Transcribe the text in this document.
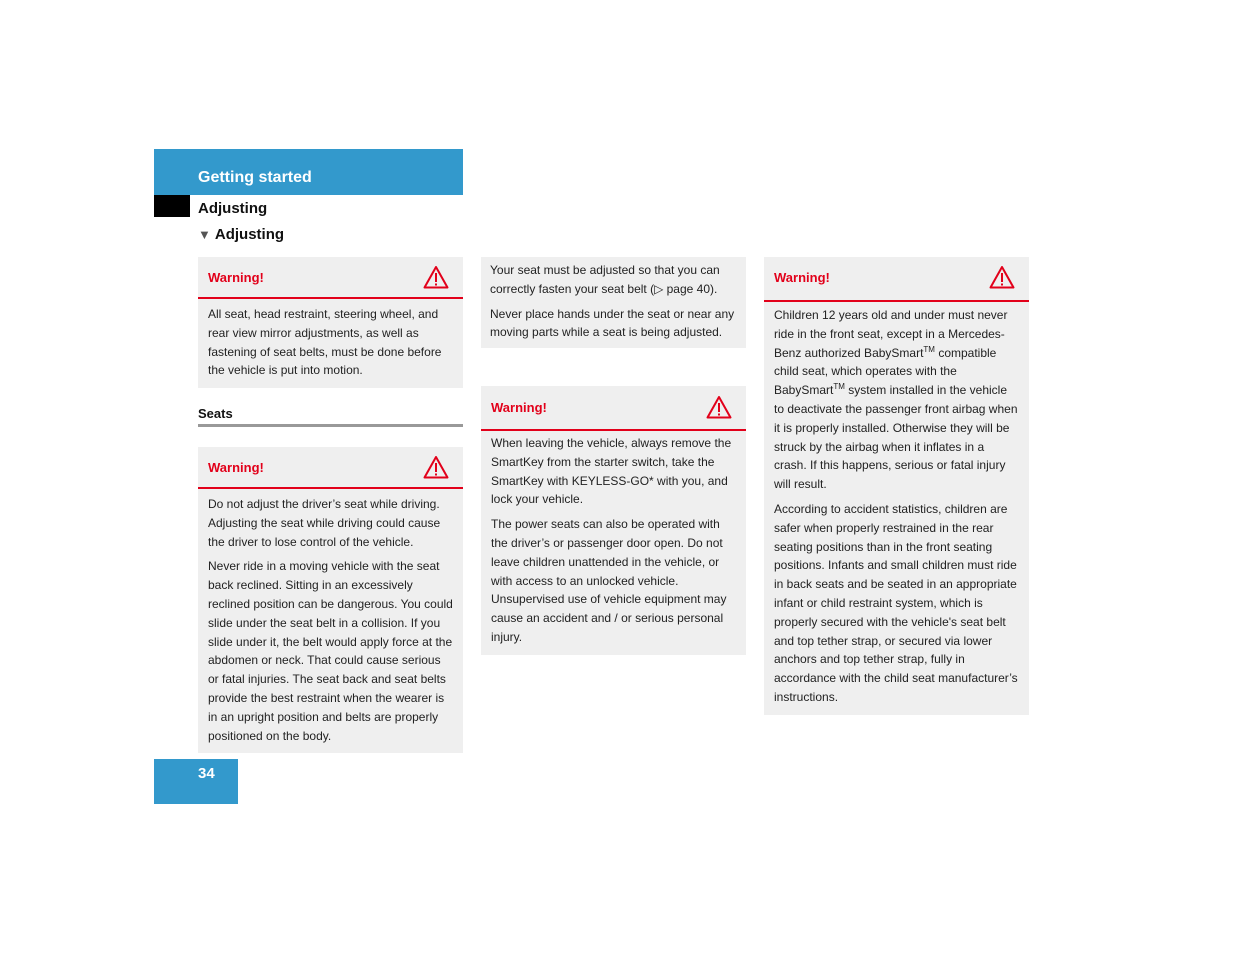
Getting started
Adjusting
▼ Adjusting
Warning!

All seat, head restraint, steering wheel, and rear view mirror adjustments, as well as fastening of seat belts, must be done before the vehicle is put into motion.

Seats
Warning!

Do not adjust the driver’s seat while driving. Adjusting the seat while driving could cause the driver to lose control of the vehicle.

Never ride in a moving vehicle with the seat back reclined. Sitting in an excessively reclined position can be dangerous. You could slide under the seat belt in a collision. If you slide under it, the belt would apply force at the abdomen or neck. That could cause serious or fatal injuries. The seat back and seat belts provide the best restraint when the wearer is in an upright position and belts are properly positioned on the body.

Your seat must be adjusted so that you can correctly fasten your seat belt (▷ page 40).

Never place hands under the seat or near any moving parts while a seat is being adjusted.

Warning!

When leaving the vehicle, always remove the SmartKey from the starter switch, take the SmartKey with KEYLESS-GO* with you, and lock your vehicle.

The power seats can also be operated with the driver’s or passenger door open. Do not leave children unattended in the vehicle, or with access to an unlocked vehicle. Unsupervised use of vehicle equipment may cause an accident and / or serious personal injury.

Warning!

Children 12 years old and under must never ride in the front seat, except in a Mercedes-Benz authorized BabySmart™ compatible child seat, which operates with the BabySmart™ system installed in the vehicle to deactivate the passenger front airbag when it is properly installed. Otherwise they will be struck by the airbag when it inflates in a crash. If this happens, serious or fatal injury will result.

According to accident statistics, children are safer when properly restrained in the rear seating positions than in the front seating positions. Infants and small children must ride in back seats and be seated in an appropriate infant or child restraint system, which is properly secured with the vehicle's seat belt and top tether strap, or secured via lower anchors and top tether strap, fully in accordance with the child seat manufacturer’s instructions.

34
